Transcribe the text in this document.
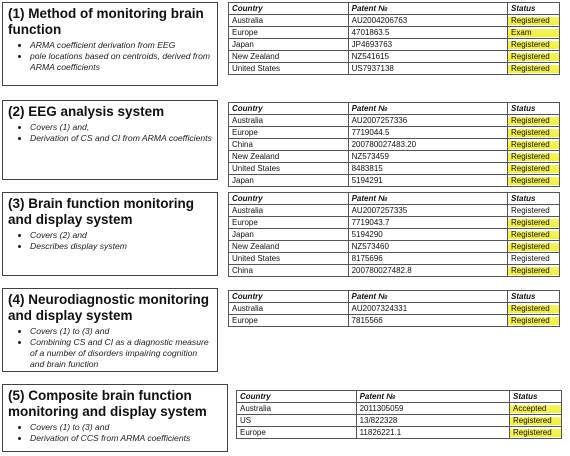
(1) Method of monitoring brain function
• ARMA coefficient derivation from EEG
• pole locations based on centroids, derived from ARMA coefficients
Country	Patent №	Status
Australia	AU2004206763	Registered
Europe	4701863.5	Exam
Japan	JP4693763	Registered
New Zealand	NZ541615	Registered
United States	US7937138	Registered
(2) EEG analysis system
• Covers (1) and,
• Derivation of CS and CI from ARMA coefficients
Country	Patent №	Status
Australia	AU2007257336	Registered
Europe	7719044.5	Registered
China	200780027483.20	Registered
New Zealand	NZ573459	Registered
United States	8483815	Registered
Japan	5194291	Registered
(3) Brain function monitoring and display system
• Covers (2) and
• Describes display system
Country	Patent №	Status
Australia	AU2007257335	Registered
Europe	7719043.7	Registered
Japan	5194290	Registered
New Zealand	NZ573460	Registered
United States	8175696	Registered
China	200780027482.8	Registered
(4) Neurodiagnostic monitoring and display system
• Covers (1) to (3) and
• Combining CS and CI as a diagnostic measure of a number of disorders impairing cognition and brain function
Country	Patent №	Status
Australia	AU2007324331	Registered
Europe	7815566	Registered
(5) Composite brain function monitoring and display system
• Covers (1) to (3) and
• Derivation of CCS from ARMA coefficients
Country	Patent №	Status
Australia	2011305059	Accepted
US	13/822328	Registered
Europe	11826221.1	Registered
